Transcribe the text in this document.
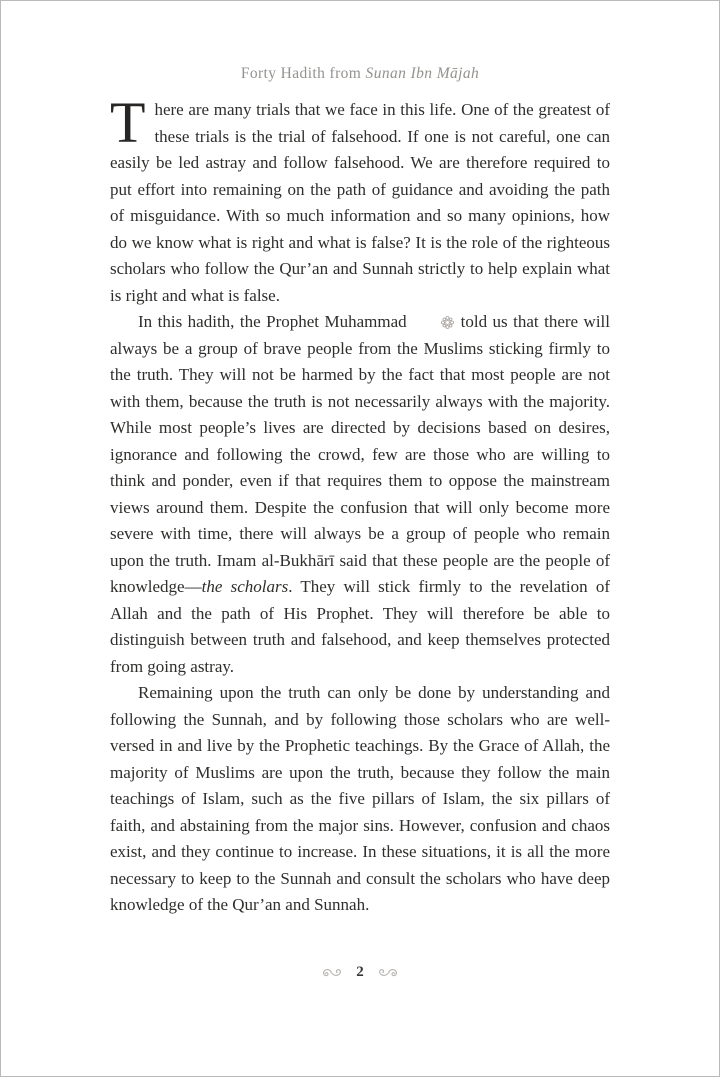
Forty Hadith from Sunan Ibn Mājah

There are many trials that we face in this life. One of the greatest of these trials is the trial of falsehood. If one is not careful, one can easily be led astray and follow falsehood. We are therefore required to put effort into remaining on the path of guidance and avoiding the path of misguidance. With so much information and so many opinions, how do we know what is right and what is false? It is the role of the righteous scholars who follow the Qur’an and Sunnah strictly to help explain what is right and what is false.

In this hadith, the Prophet Muhammad	told us that there will always be a group of brave people from the Muslims sticking firmly to the truth. They will not be harmed by the fact that most people are not with them, because the truth is not necessarily always with the majority. While most people’s lives are directed by decisions based on desires, ignorance and following the crowd, few are those who are willing to think and ponder, even if that requires them to oppose the mainstream views around them. Despite the confusion that will only become more severe with time, there will always be a group of people who remain upon the truth. Imam al-Bukhārī said that these people are the people of knowledge—the scholars. They will stick firmly to the revelation of Allah and the path of His Prophet. They will therefore be able to distinguish between truth and falsehood, and keep themselves protected from going astray.

Remaining upon the truth can only be done by understanding and following the Sunnah, and by following those scholars who are well-versed in and live by the Prophetic teachings. By the Grace of Allah, the majority of Muslims are upon the truth, because they follow the main teachings of Islam, such as the five pillars of Islam, the six pillars of faith, and abstaining from the major sins. However, confusion and chaos exist, and they continue to increase. In these situations, it is all the more necessary to keep to the Sunnah and consult the scholars who have deep knowledge of the Qur’an and Sunnah.

2
